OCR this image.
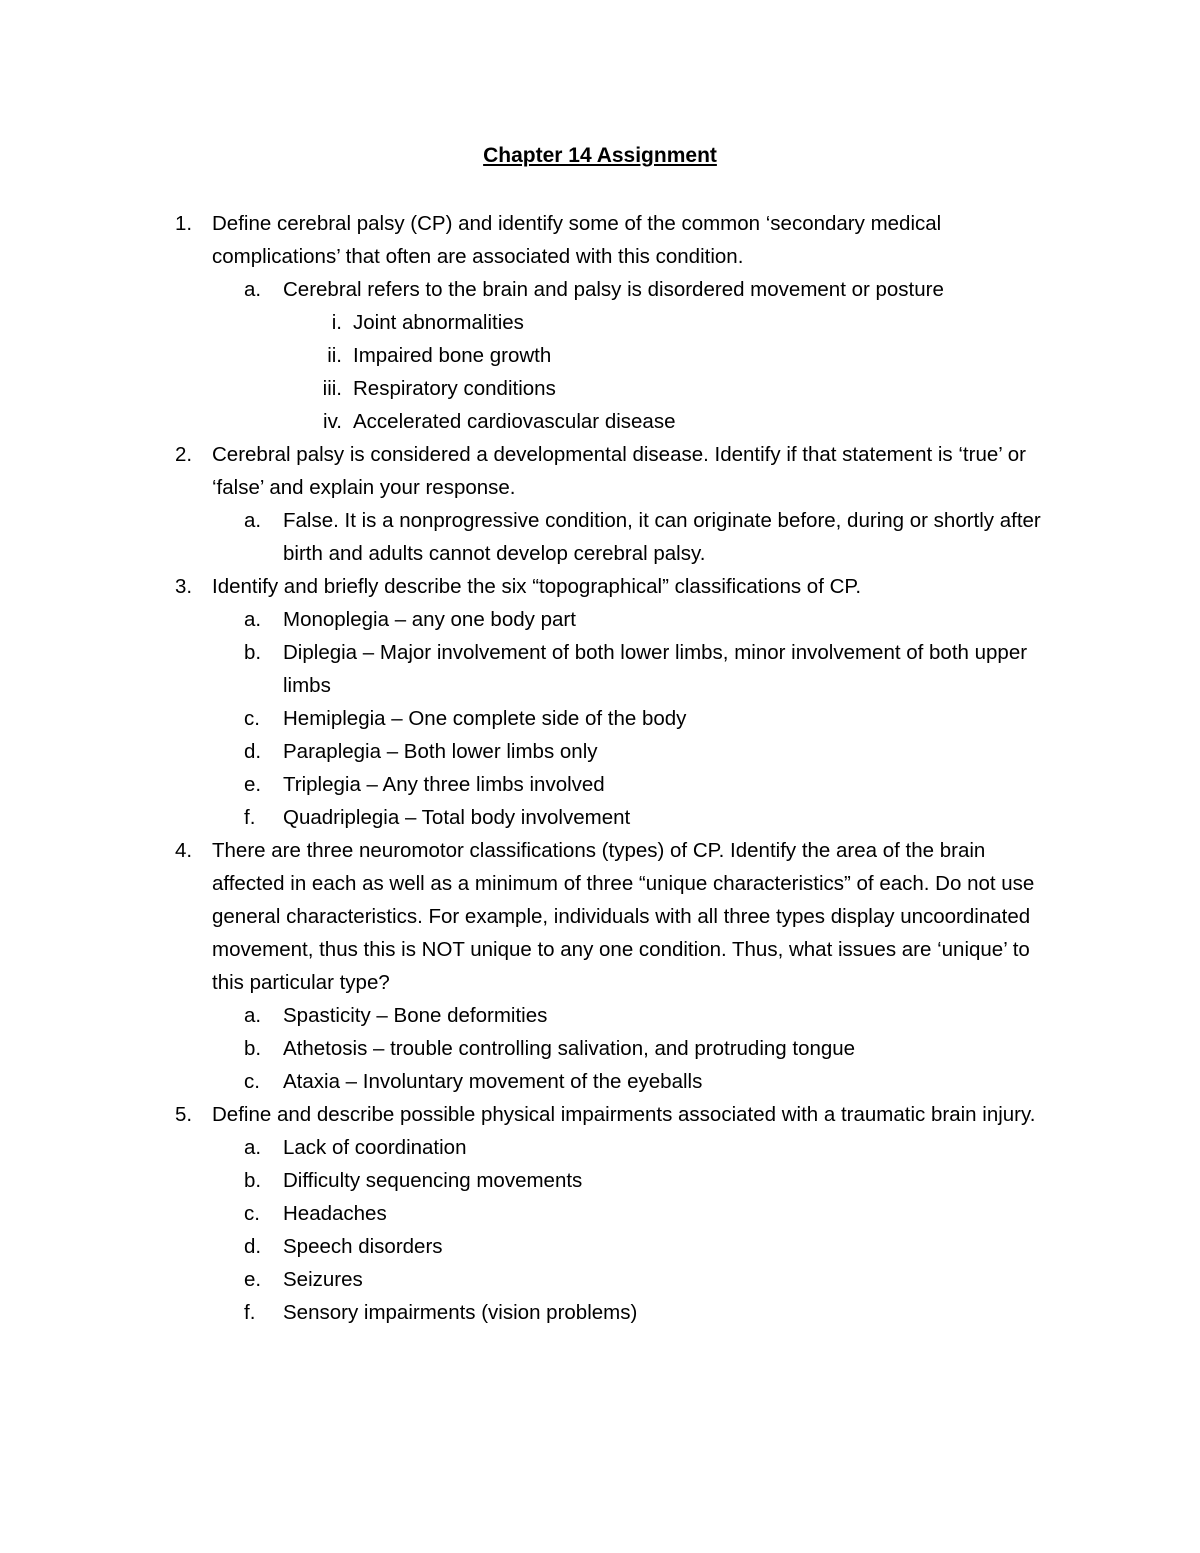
Chapter 14 Assignment
1. Define cerebral palsy (CP) and identify some of the common ‘secondary medical complications’ that often are associated with this condition.
a.	Cerebral refers to the brain and palsy is disordered movement or posture
i. Joint abnormalities
ii. Impaired bone growth
iii. Respiratory conditions
iv. Accelerated cardiovascular disease
2. Cerebral palsy is considered a developmental disease. Identify if that statement is ‘true’ or ‘false’ and explain your response.
a.	False. It is a nonprogressive condition, it can originate before, during or shortly after birth and adults cannot develop cerebral palsy.
3. Identify and briefly describe the six “topographical” classifications of CP.
a.	Monoplegia – any one body part
b.	Diplegia – Major involvement of both lower limbs, minor involvement of both upper limbs
c.	Hemiplegia – One complete side of the body
d.	Paraplegia – Both lower limbs only
e.	Triplegia – Any three limbs involved
f.	Quadriplegia – Total body involvement
4. There are three neuromotor classifications (types) of CP. Identify the area of the brain affected in each as well as a minimum of three “unique characteristics” of each. Do not use general characteristics. For example, individuals with all three types display uncoordinated movement, thus this is NOT unique to any one condition. Thus, what issues are ‘unique’ to this particular type?
a.	Spasticity – Bone deformities
b.	Athetosis – trouble controlling salivation, and protruding tongue
c.	Ataxia – Involuntary movement of the eyeballs
5. Define and describe possible physical impairments associated with a traumatic brain injury.
a.	Lack of coordination
b.	Difficulty sequencing movements
c.	Headaches
d.	Speech disorders
e.	Seizures
f.	Sensory impairments (vision problems)
